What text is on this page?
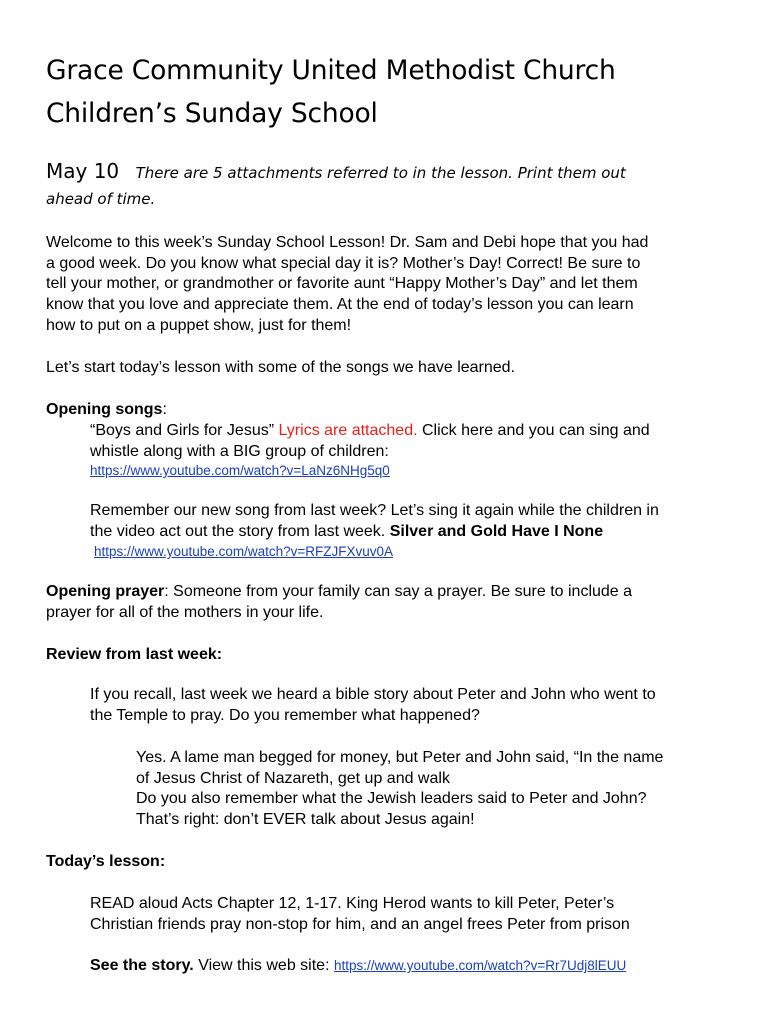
Grace Community United Methodist Church
Children’s Sunday School
May 10 There are 5 attachments referred to in the lesson. Print them out
ahead of time.
Welcome to this week’s Sunday School Lesson! Dr. Sam and Debi hope that you had
a good week. Do you know what special day it is? Mother’s Day! Correct! Be sure to
tell your mother, or grandmother or favorite aunt “Happy Mother’s Day” and let them
know that you love and appreciate them. At the end of today’s lesson you can learn
how to put on a puppet show, just for them!
Let’s start today’s lesson with some of the songs we have learned.
Opening songs:
“Boys and Girls for Jesus” Lyrics are attached. Click here and you can sing and
whistle along with a BIG group of children:
https://www.youtube.com/watch?v=LaNz6NHg5q0
Remember our new song from last week? Let’s sing it again while the children in
the video act out the story from last week. Silver and Gold Have I None
https://www.youtube.com/watch?v=RFZJFXvuv0A
Opening prayer: Someone from your family can say a prayer. Be sure to include a
prayer for all of the mothers in your life.
Review from last week:
If you recall, last week we heard a bible story about Peter and John who went to
the Temple to pray. Do you remember what happened?
Yes. A lame man begged for money, but Peter and John said, “In the name
of Jesus Christ of Nazareth, get up and walk
Do you also remember what the Jewish leaders said to Peter and John?
That’s right: don’t EVER talk about Jesus again!
Today’s lesson:
READ aloud Acts Chapter 12, 1-17. King Herod wants to kill Peter, Peter’s
Christian friends pray non-stop for him, and an angel frees Peter from prison
See the story. View this web site: https://www.youtube.com/watch?v=Rr7Udj8lEUU
